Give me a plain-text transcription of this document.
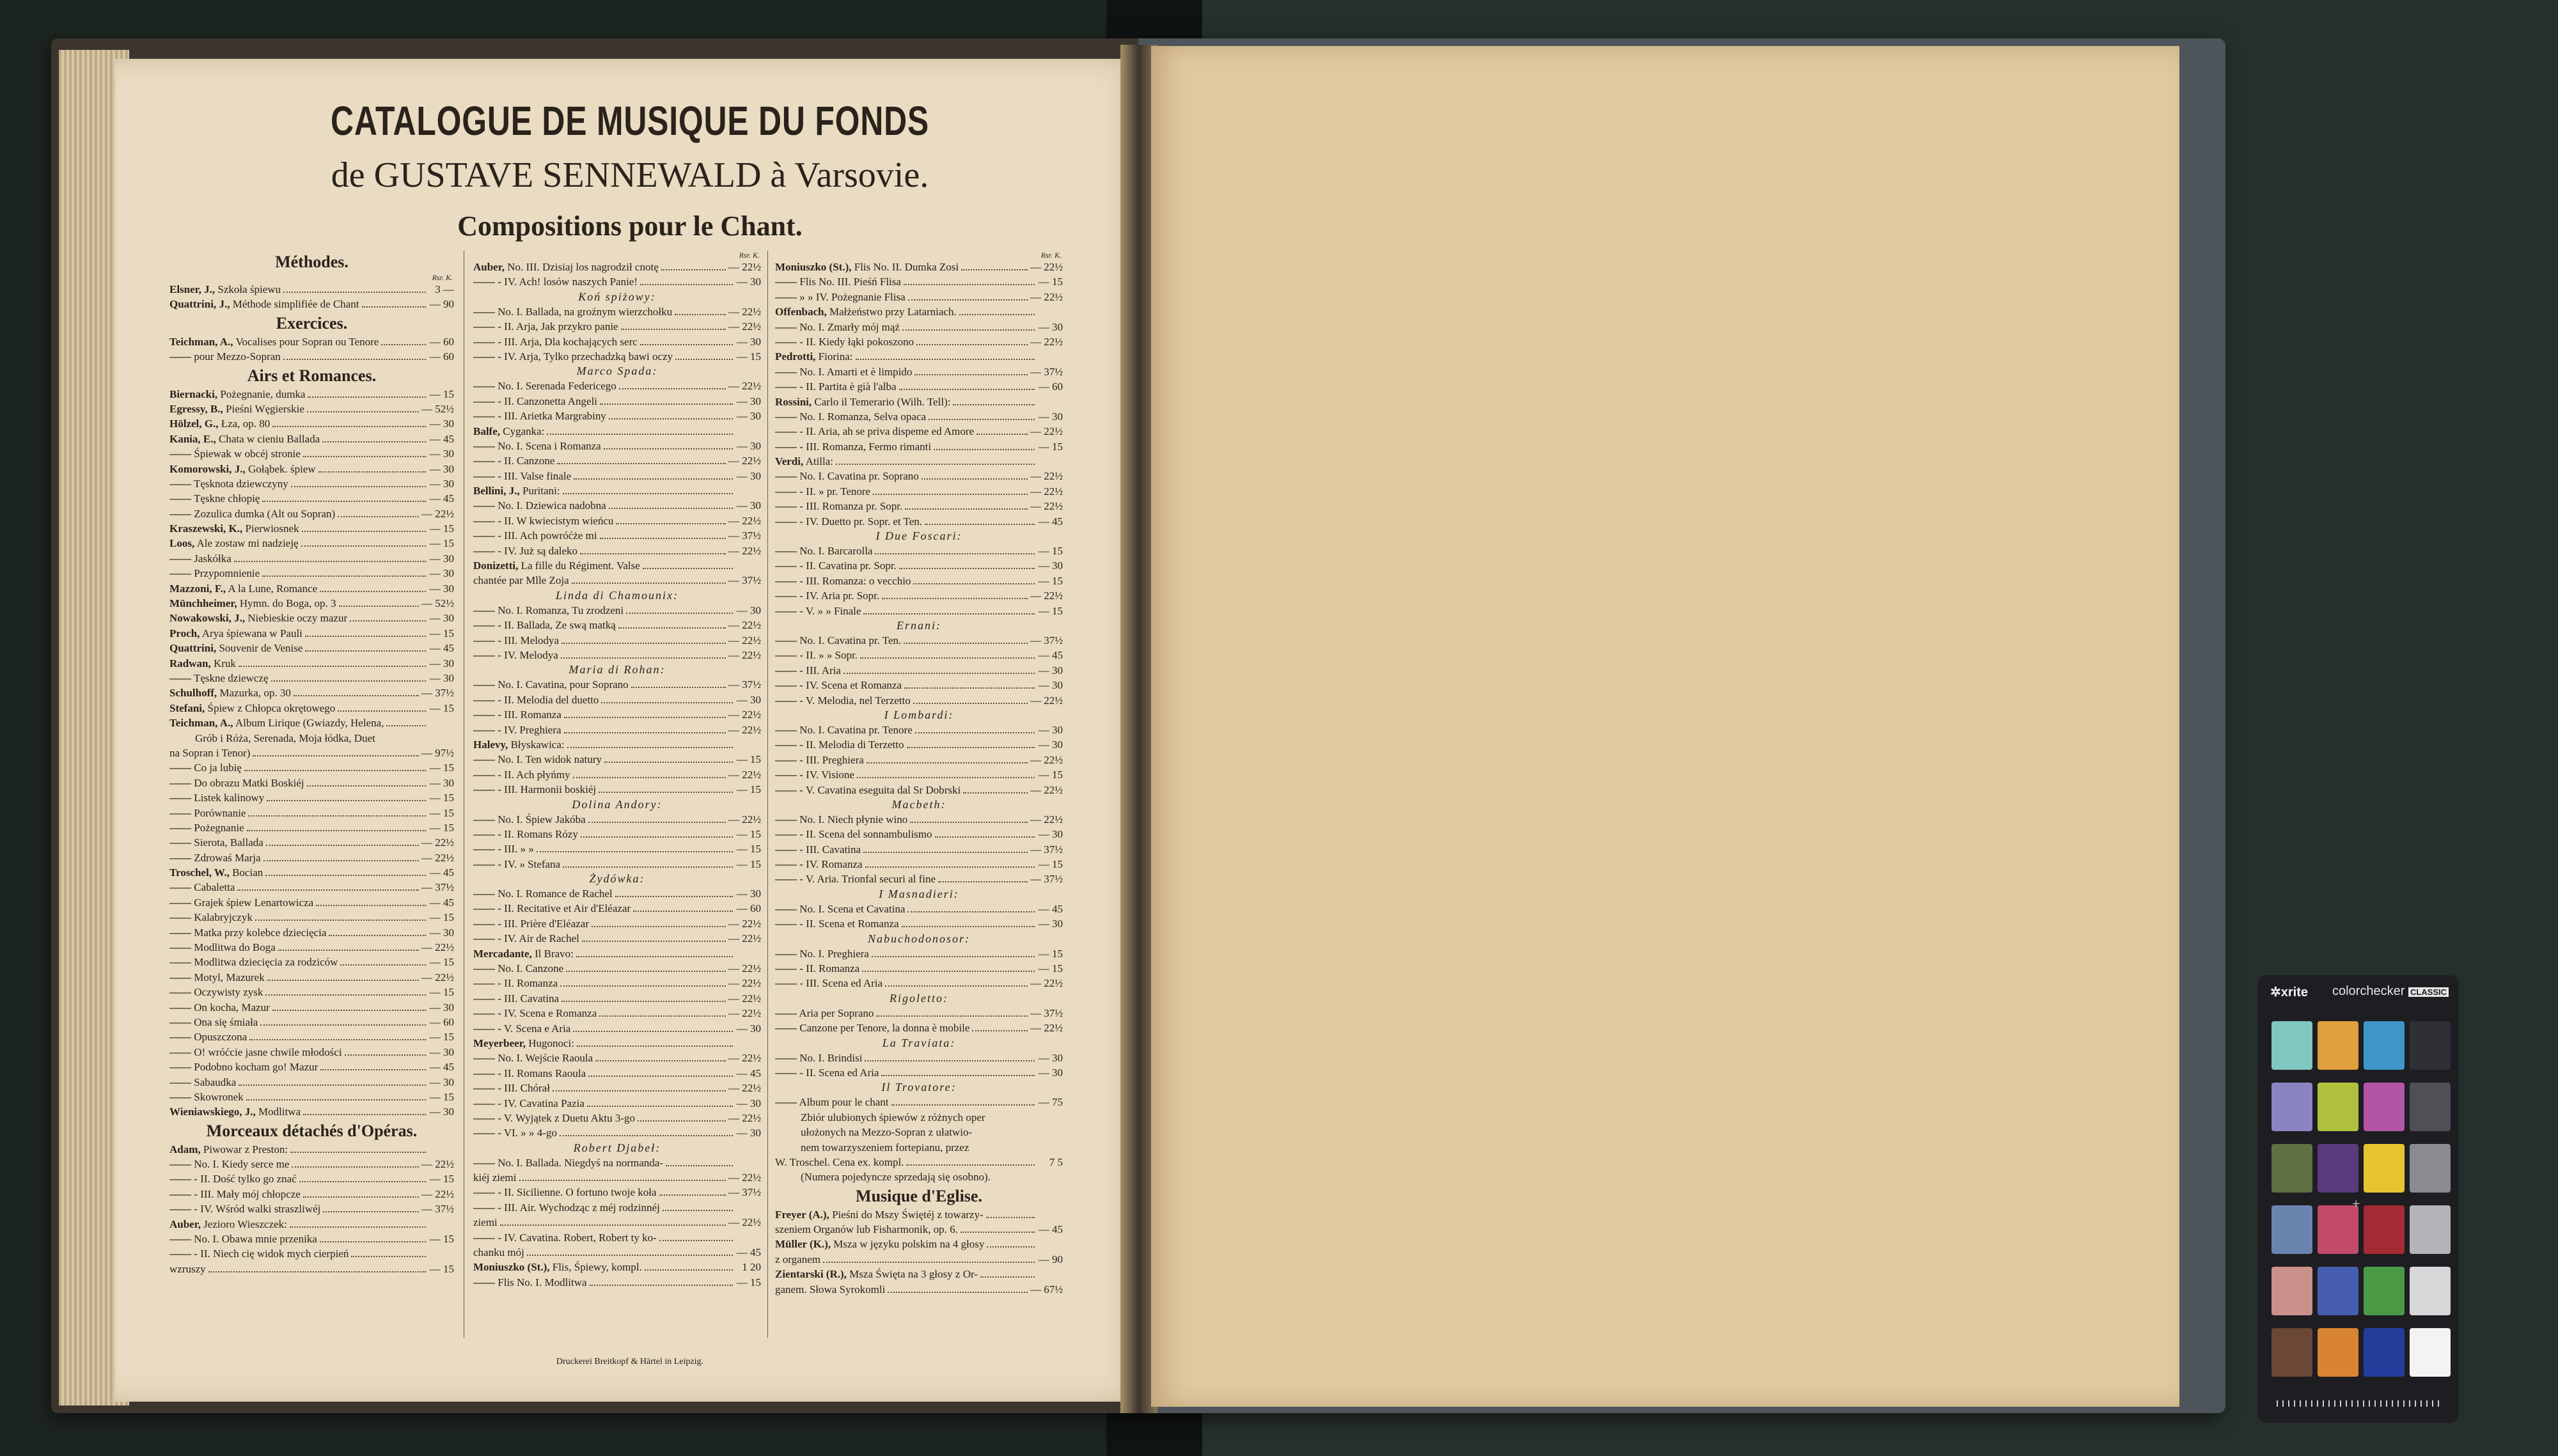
CATALOGUE DE MUSIQUE DU FONDS
de GUSTAVE SENNEWALD à Varsovie.
Compositions pour le Chant.
Méthodes.
Rsr. K.
Elsner, J., Szkoła śpiewu	3 —
Quattrini, J., Méthode simplifiée de Chant	— 90
Exercices.
Teichman, A., Vocalises pour Sopran ou Tenore	— 60
—— pour Mezzo-Sopran	— 60
Airs et Romances.
Biernacki, Pożegnanie, dumka	— 15
Egressy, B., Pieśni Węgierskie	— 52½
Hölzel, G., Łza, op. 80	— 30
Kania, E., Chata w cieniu Ballada	— 45
—— Śpiewak w obcéj stronie	— 30
Komorowski, J., Gołąbek. śpiew	— 30
—— Tęsknota dziewczyny	— 30
—— Tęskne chłopię	— 45
—— Zozulica dumka (Alt ou Sopran)	— 22½
Kraszewski, K., Pierwiosnek	— 15
Loos, Ale zostaw mi nadzieję	— 15
—— Jaskółka	— 30
—— Przypomnienie	— 30
Mazzoni, F., A la Lune, Romance	— 30
Münchheimer, Hymn. do Boga, op. 3	— 52½
Nowakowski, J., Niebieskie oczy mazur	— 30
Proch, Arya śpiewana w Pauli	— 15
Quattrini, Souvenir de Venise	— 45
Radwan, Kruk	— 30
—— Tęskne dziewczę	— 30
Schulhoff, Mazurka, op. 30	— 37½
Stefani, Śpiew z Chłopca okrętowego	— 15
Teichman, A., Album Lirique (Gwiazdy, Helena,
Grób i Róża, Serenada, Moja łódka, Duet
na Sopran i Tenor)	— 97½
—— Co ja lubię	— 15
—— Do obrazu Matki Boskiéj	— 30
—— Listek kalinowy	— 15
—— Porównanie	— 15
—— Pożegnanie	— 15
—— Sierota, Ballada	— 22½
—— Zdrowaś Marja	— 22½
Troschel, W., Bocian	— 45
—— Cabaletta	— 37½
—— Grajek śpiew Lenartowicza	— 45
—— Kalabryjczyk	— 15
—— Matka przy kolebce dziecięcia	— 30
—— Modlitwa do Boga	— 22½
—— Modlitwa dziecięcia za rodziców	— 15
—— Motyl, Mazurek	— 22½
—— Oczywisty zysk	— 15
—— On kocha, Mazur	— 30
—— Ona się śmiała	— 60
—— Opuszczona	— 15
—— O! wróćcie jasne chwile młodości	— 30
—— Podobno kocham go! Mazur	— 45
—— Sabaudka	— 30
—— Skowronek	— 15
Wieniawskiego, J., Modlitwa	— 30
Morceaux détachés d'Opéras.
Adam, Piwowar z Preston:
—— No. I. Kiedy serce me	— 22½
—— - II. Dość tylko go znać	— 15
—— - III. Mały mój chłopcze	— 22½
—— - IV. Wśród walki straszliwéj	— 37½
Auber, Jezioro Wieszczek:
—— No. I. Obawa mnie przenika	— 15
—— - II. Niech cię widok mych cierpień
wzruszy	— 15
Rsr. K.
Auber, No. III. Dzisiaj los nagrodził cnotę	— 22½
—— - IV. Ach! losów naszych Panie!	— 30
Koń spiżowy:
—— No. I. Ballada, na groźnym wierzchołku	— 22½
—— - II. Arja, Jak przykro panie	— 22½
—— - III. Arja, Dla kochających serc	— 30
—— - IV. Arja, Tylko przechadzką bawi oczy	— 15
Marco Spada:
—— No. I. Serenada Federicego	— 22½
—— - II. Canzonetta Angeli	— 30
—— - III. Arietka Margrabiny	— 30
Balfe, Cyganka:
—— No. I. Scena i Romanza	— 30
—— - II. Canzone	— 22½
—— - III. Valse finale	— 30
Bellini, J., Puritani:
—— No. I. Dziewica nadobna	— 30
—— - II. W kwiecistym wieńcu	— 22½
—— - III. Ach powróćże mi	— 37½
—— - IV. Już są daleko	— 22½
Donizetti, La fille du Régiment. Valse
chantée par Mlle Zoja	— 37½
Linda di Chamounix:
—— No. I. Romanza, Tu zrodzeni	— 30
—— - II. Ballada, Ze swą matką	— 22½
—— - III. Melodya	— 22½
—— - IV. Melodya	— 22½
Maria di Rohan:
—— No. I. Cavatina, pour Soprano	— 37½
—— - II. Melodia del duetto	— 30
—— - III. Romanza	— 22½
—— - IV. Preghiera	— 22½
Halevy, Błyskawica:
—— No. I. Ten widok natury	— 15
—— - II. Ach płyńmy	— 22½
—— - III. Harmonii boskiéj	— 15
Dolina Andory:
—— No. I. Śpiew Jakóba	— 22½
—— - II. Romans Rózy	— 15
—— - III. » »	— 15
—— - IV. » Stefana	— 15
Żydówka:
—— No. I. Romance de Rachel	— 30
—— - II. Recitative et Air d'Eléazar	— 60
—— - III. Prière d'Eléazar	— 22½
—— - IV. Air de Rachel	— 22½
Mercadante, Il Bravo:
—— No. I. Canzone	— 22½
—— - II. Romanza	— 22½
—— - III. Cavatina	— 22½
—— - IV. Scena e Romanza	— 22½
—— - V. Scena e Aria	— 30
Meyerbeer, Hugonoci:
—— No. I. Wejście Raoula	— 22½
—— - II. Romans Raoula	— 45
—— - III. Chórał	— 22½
—— - IV. Cavatina Pazia	— 30
—— - V. Wyjątek z Duetu Aktu 3-go	— 22½
—— - VI. » » 4-go	— 30
Robert Djabeł:
—— No. I. Ballada. Niegdyś na normanda-
kiéj ziemi	— 22½
—— - II. Sicilienne. O fortuno twoje koła	— 37½
—— - III. Air. Wychodząc z méj rodzinnéj
ziemi	— 22½
—— - IV. Cavatina. Robert, Robert ty ko-
chanku mój	— 45
Moniuszko (St.), Flis, Śpiewy, kompl.	1 20
—— Flis No. I. Modlitwa	— 15
Rsr. K.
Moniuszko (St.), Flis No. II. Dumka Zosi	— 22½
—— Flis No. III. Pieśń Flisa	— 15
—— » » IV. Pożegnanie Flisa	— 22½
Offenbach, Małżeństwo przy Latarniach.
—— No. I. Zmarły mój mąż	— 30
—— - II. Kiedy łąki pokoszono	— 22½
Pedrotti, Fiorina:
—— No. I. Amarti et è limpido	— 37½
—— - II. Partita è già l'alba	— 60
Rossini, Carlo il Temerario (Wilh. Tell):
—— No. I. Romanza, Selva opaca	— 30
—— - II. Aria, ah se priva dispeme ed Amore	— 22½
—— - III. Romanza, Fermo rimanti	— 15
Verdi, Atilla:
—— No. I. Cavatina pr. Soprano	— 22½
—— - II. » pr. Tenore	— 22½
—— - III. Romanza pr. Sopr.	— 22½
—— - IV. Duetto pr. Sopr. et Ten.	— 45
I Due Foscari:
—— No. I. Barcarolla	— 15
—— - II. Cavatina pr. Sopr.	— 30
—— - III. Romanza: o vecchio	— 15
—— - IV. Aria pr. Sopr.	— 22½
—— - V. » » Finale	— 15
Ernani:
—— No. I. Cavatina pr. Ten.	— 37½
—— - II. » » Sopr.	— 45
—— - III. Aria	— 30
—— - IV. Scena et Romanza	— 30
—— - V. Melodia, nel Terzetto	— 22½
I Lombardi:
—— No. I. Cavatina pr. Tenore	— 30
—— - II. Melodia di Terzetto	— 30
—— - III. Preghiera	— 22½
—— - IV. Visione	— 15
—— - V. Cavatina eseguita dal Sr Dobrski	— 22½
Macbeth:
—— No. I. Niech płynie wino	— 22½
—— - II. Scena del sonnambulismo	— 30
—— - III. Cavatina	— 37½
—— - IV. Romanza	— 15
—— - V. Aria. Trionfal securi al fine	— 37½
I Masnadieri:
—— No. I. Scena et Cavatina	— 45
—— - II. Scena et Romanza	— 30
Nabuchodonosor:
—— No. I. Preghiera	— 15
—— - II. Romanza	— 15
—— - III. Scena ed Aria	— 22½
Rigoletto:
—— Aria per Soprano	— 37½
—— Canzone per Tenore, la donna è mobile	— 22½
La Traviata:
—— No. I. Brindisi	— 30
—— - II. Scena ed Aria	— 30
Il Trovatore:
—— Album pour le chant	— 75
Zbiór ulubionych śpiewów z różnych oper
ułożonych na Mezzo-Sopran z ułatwio-
nem towarzyszeniem fortepianu, przez
W. Troschel. Cena ex. kompl.	7 5
(Numera pojedyncze sprzedają się osobno).
Musique d'Eglise.
Freyer (A.), Pieśni do Mszy Świętéj z towarzy-
szeniem Organów lub Fisharmonik, op. 6.	— 45
Müller (K.), Msza w języku polskim na 4 głosy
z organem	— 90
Zientarski (R.), Msza Święta na 3 głosy z Or-
ganem. Słowa Syrokomli	— 67½
Druckerei Breitkopf & Härtel in Leipzig.
✲xrite colorchecker CLASSIC
+
